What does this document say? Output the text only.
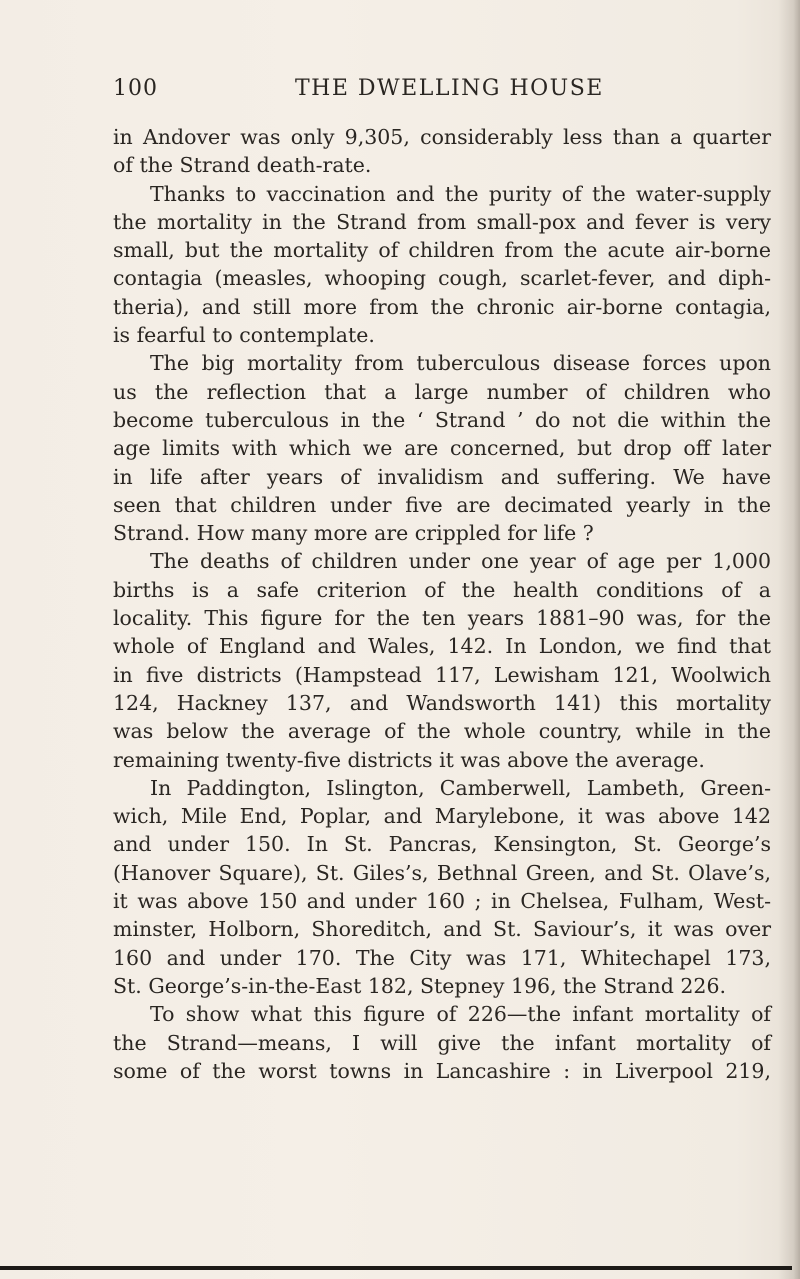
100	THE DWELLING HOUSE
in Andover was only 9,305, considerably less than a quarter
of the Strand death-rate.
Thanks to vaccination and the purity of the water-supply
the mortality in the Strand from small-pox and fever is very
small, but the mortality of children from the acute air-borne
contagia (measles, whooping cough, scarlet-fever, and diph-
theria), and still more from the chronic air-borne contagia,
is fearful to contemplate.
The big mortality from tuberculous disease forces upon
us the reflection that a large number of children who
become tuberculous in the ‘ Strand ’ do not die within the
age limits with which we are concerned, but drop off later
in life after years of invalidism and suffering. We have
seen that children under five are decimated yearly in the
Strand. How many more are crippled for life ?
The deaths of children under one year of age per 1,000
births is a safe criterion of the health conditions of a
locality. This figure for the ten years 1881–90 was, for the
whole of England and Wales, 142. In London, we find that
in five districts (Hampstead 117, Lewisham 121, Woolwich
124, Hackney 137, and Wandsworth 141) this mortality
was below the average of the whole country, while in the
remaining twenty-five districts it was above the average.
In Paddington, Islington, Camberwell, Lambeth, Green-
wich, Mile End, Poplar, and Marylebone, it was above 142
and under 150. In St. Pancras, Kensington, St. George’s
(Hanover Square), St. Giles’s, Bethnal Green, and St. Olave’s,
it was above 150 and under 160 ; in Chelsea, Fulham, West-
minster, Holborn, Shoreditch, and St. Saviour’s, it was over
160 and under 170. The City was 171, Whitechapel 173,
St. George’s-in-the-East 182, Stepney 196, the Strand 226.
To show what this figure of 226—the infant mortality of
the Strand—means, I will give the infant mortality of
some of the worst towns in Lancashire : in Liverpool 219,
